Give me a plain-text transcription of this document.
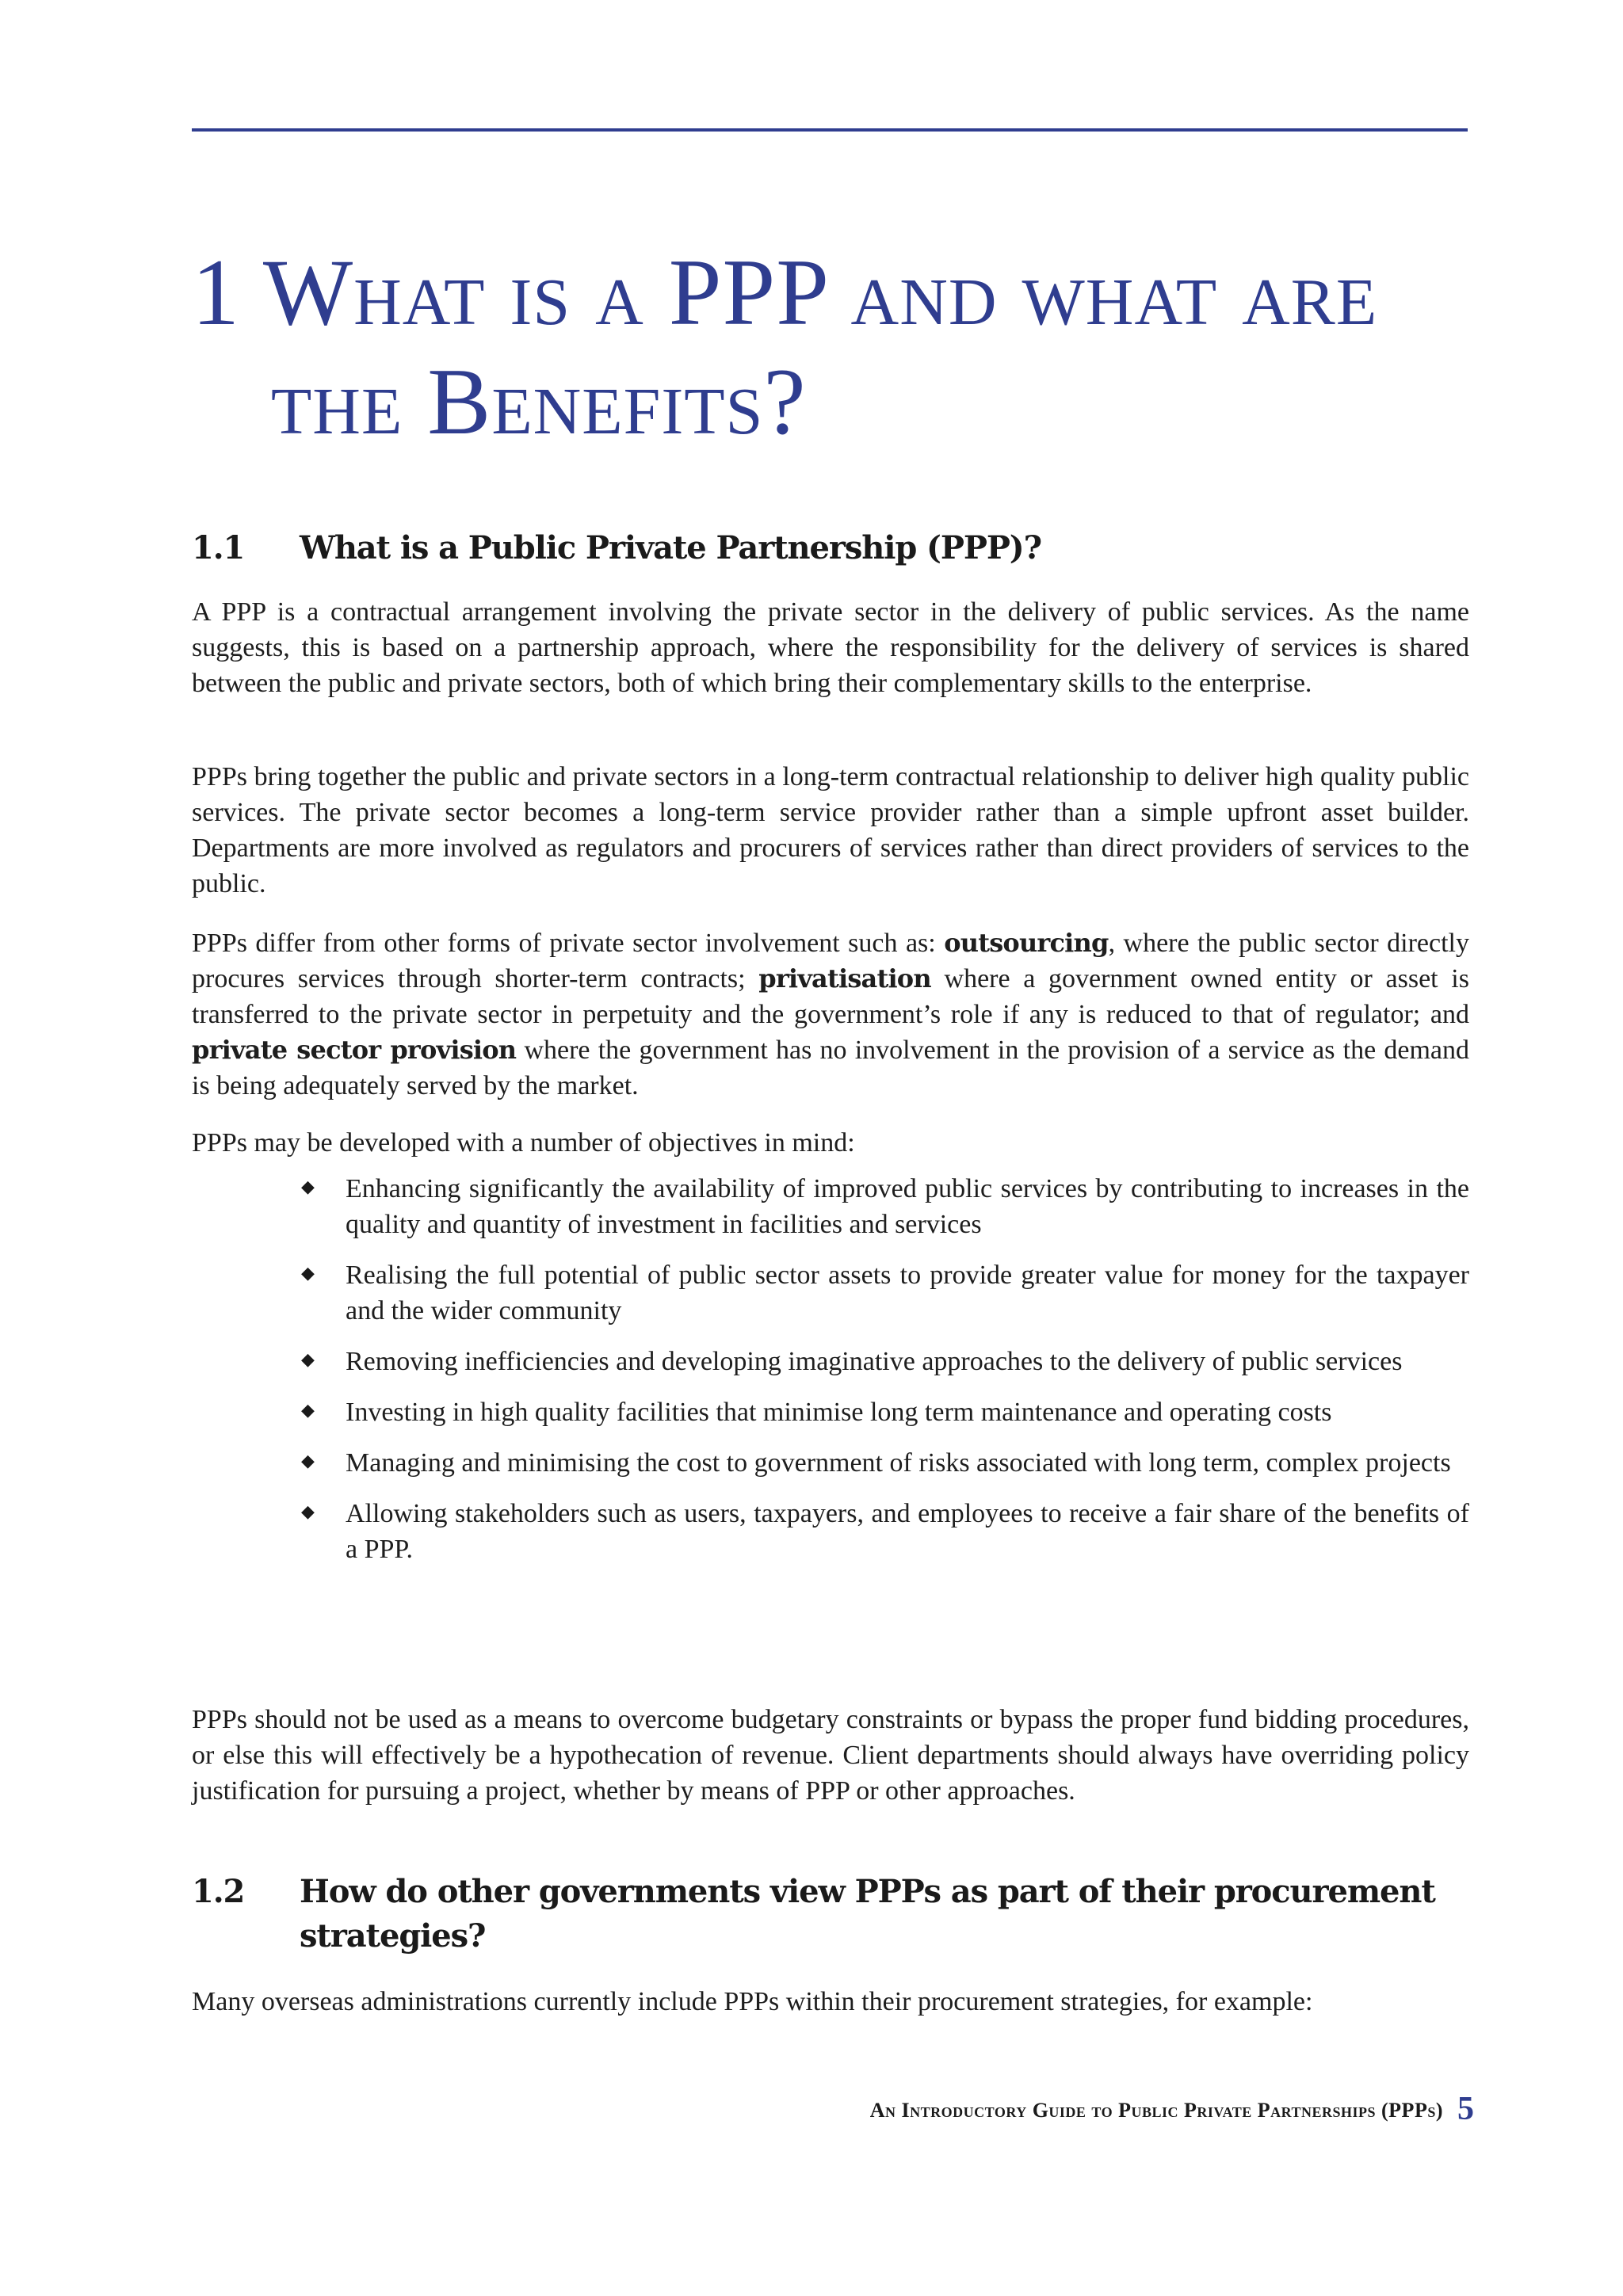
1 What is a PPP and what are
the Benefits?
1.1 What is a Public Private Partnership (PPP)?

A PPP is a contractual arrangement involving the private sector in the delivery of public services. As the name suggests, this is based on a partnership approach, where the responsibility for the delivery of services is shared between the public and private sectors, both of which bring their complementary skills to the enterprise.

PPPs bring together the public and private sectors in a long-term contractual relationship to deliver high quality public services. The private sector becomes a long-term service provider rather than a simple upfront asset builder. Departments are more involved as regulators and procurers of services rather than direct providers of services to the public.

PPPs differ from other forms of private sector involvement such as: outsourcing, where the public sector directly procures services through shorter-term contracts; privatisation where a government owned entity or asset is transferred to the private sector in perpetuity and the government’s role if any is reduced to that of regulator; and private sector provision where the government has no involvement in the provision of a service as the demand is being adequately served by the market.

PPPs may be developed with a number of objectives in mind:

◆ Enhancing significantly the availability of improved public services by contributing to increases in the quality and quantity of investment in facilities and services
◆ Realising the full potential of public sector assets to provide greater value for money for the taxpayer and the wider community
◆ Removing inefficiencies and developing imaginative approaches to the delivery of public services
◆ Investing in high quality facilities that minimise long term maintenance and operating costs
◆ Managing and minimising the cost to government of risks associated with long term, complex projects
◆ Allowing stakeholders such as users, taxpayers, and employees to receive a fair share of the benefits of a PPP.

PPPs should not be used as a means to overcome budgetary constraints or bypass the proper fund bidding procedures, or else this will effectively be a hypothecation of revenue. Client departments should always have overriding policy justification for pursuing a project, whether by means of PPP or other approaches.

1.2 How do other governments view PPPs as part of their procurement strategies?

Many overseas administrations currently include PPPs within their procurement strategies, for example:

An Introductory Guide to Public Private Partnerships (PPPs) 5
